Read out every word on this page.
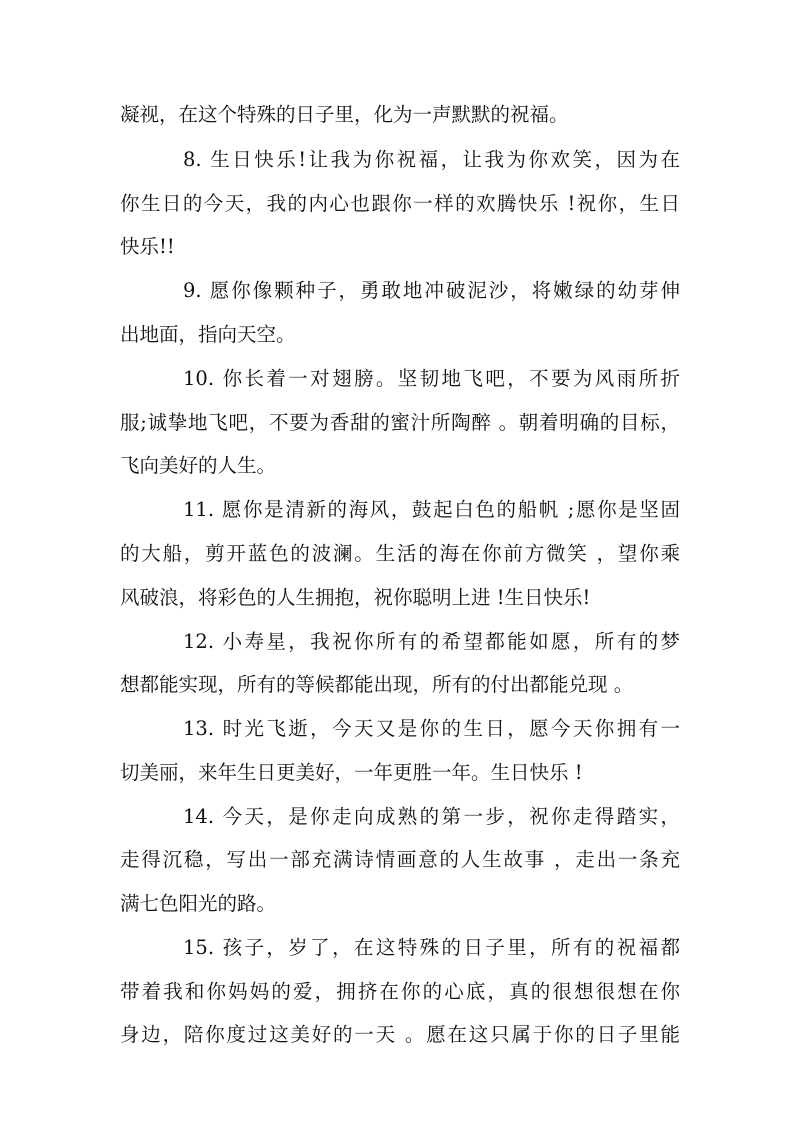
凝视，在这个特殊的日子里，化为一声默默的祝福。
8. 生日快乐!让我为你祝福，让我为你欢笑，因为在
你生日的今天，我的内心也跟你一样的欢腾快乐 !祝你，生日
快乐!!
9. 愿你像颗种子，勇敢地冲破泥沙，将嫩绿的幼芽伸
出地面，指向天空。
10. 你长着一对翅膀。坚韧地飞吧，不要为风雨所折
服;诚挚地飞吧，不要为香甜的蜜汁所陶醉 。朝着明确的目标，
飞向美好的人生。
11. 愿你是清新的海风，鼓起白色的船帆 ;愿你是坚固
的大船，剪开蓝色的波澜。生活的海在你前方微笑 ，望你乘
风破浪，将彩色的人生拥抱，祝你聪明上进 !生日快乐!
12. 小寿星，我祝你所有的希望都能如愿，所有的梦
想都能实现，所有的等候都能出现，所有的付出都能兑现 。
13. 时光飞逝，今天又是你的生日，愿今天你拥有一
切美丽，来年生日更美好，一年更胜一年。生日快乐 !
14. 今天，是你走向成熟的第一步，祝你走得踏实，
走得沉稳，写出一部充满诗情画意的人生故事 ，走出一条充
满七色阳光的路。
15. 孩子，岁了，在这特殊的日子里，所有的祝福都
带着我和你妈妈的爱，拥挤在你的心底，真的很想很想在你
身边，陪你度过这美好的一天 。愿在这只属于你的日子里能
